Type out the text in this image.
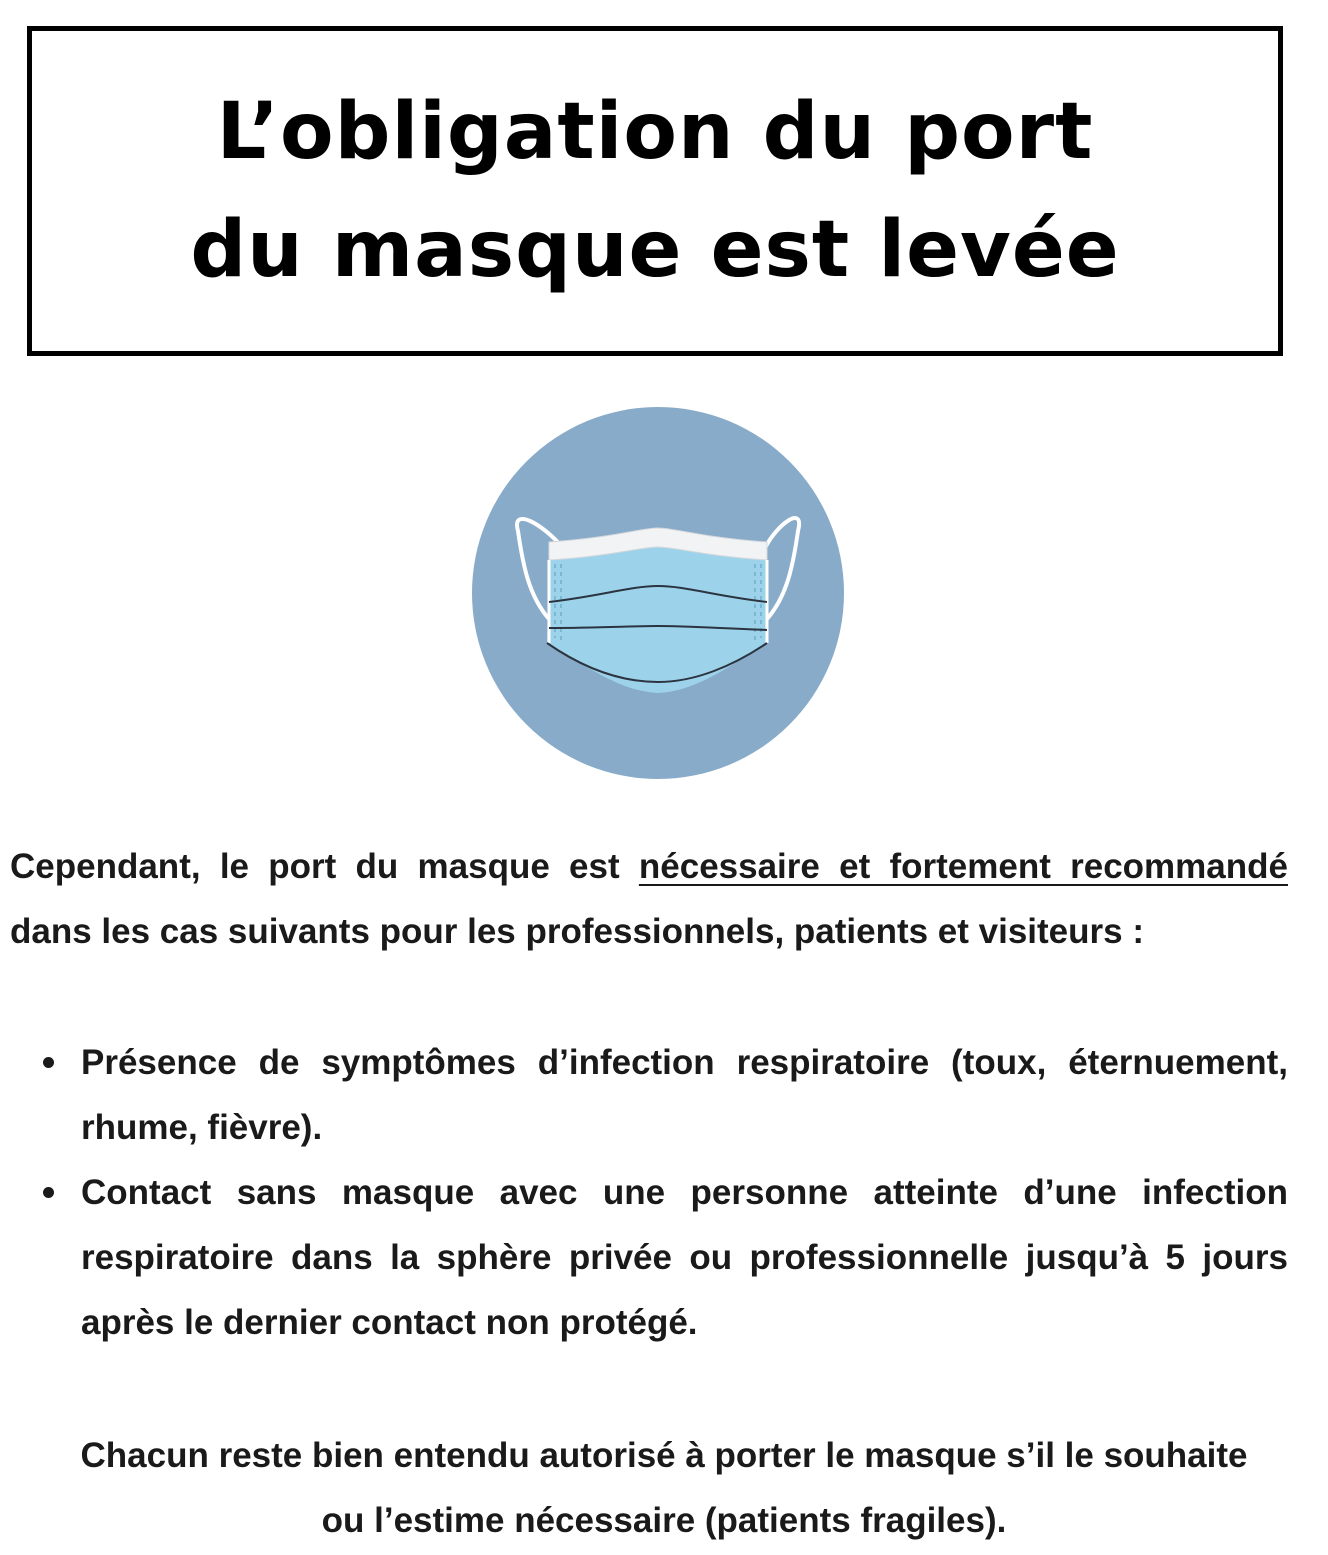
L’obligation du port
du masque est levée

Cependant, le port du masque est nécessaire et fortement recommandé dans les cas suivants pour les professionnels, patients et visiteurs :

Présence de symptômes d’infection respiratoire (toux, éternuement, rhume, fièvre).
Contact sans masque avec une personne atteinte d’une infection respiratoire dans la sphère privée ou professionnelle jusqu’à 5 jours après le dernier contact non protégé.

Chacun reste bien entendu autorisé à porter le masque s’il le souhaite
ou l’estime nécessaire (patients fragiles).
